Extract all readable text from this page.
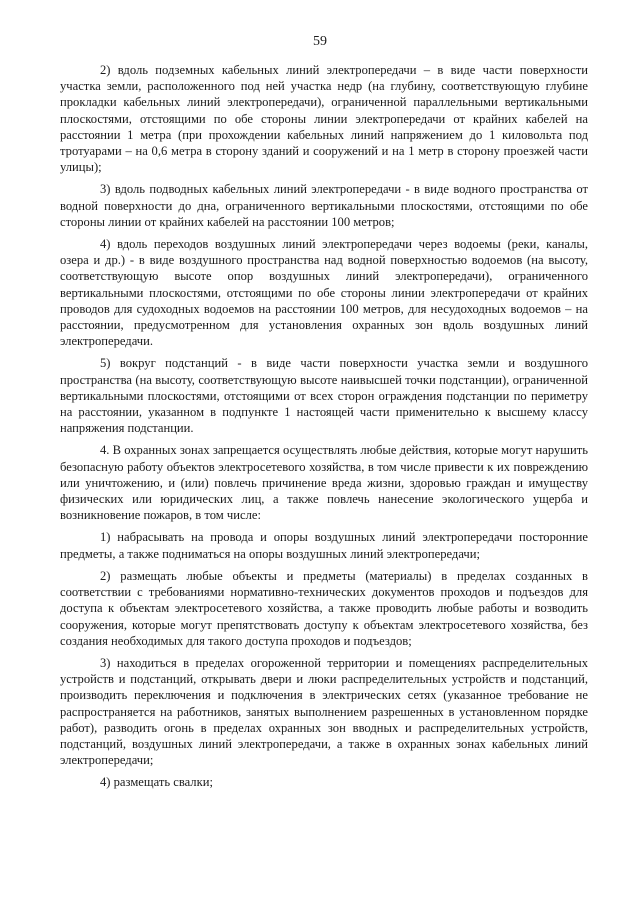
59

2) вдоль подземных кабельных линий электропередачи – в виде части поверхности участка земли, расположенного под ней участка недр (на глубину, соответствующую глубине прокладки кабельных линий электропередачи), ограниченной параллельными вертикальными плоскостями, отстоящими по обе стороны линии электропередачи от крайних кабелей на расстоянии 1 метра (при прохождении кабельных линий напряжением до 1 киловольта под тротуарами – на 0,6 метра в сторону зданий и сооружений и на 1 метр в сторону проезжей части улицы);

3) вдоль подводных кабельных линий электропередачи - в виде водного пространства от водной поверхности до дна, ограниченного вертикальными плоскостями, отстоящими по обе стороны линии от крайних кабелей на расстоянии 100 метров;

4) вдоль переходов воздушных линий электропередачи через водоемы (реки, каналы, озера и др.) - в виде воздушного пространства над водной поверхностью водоемов (на высоту, соответствующую высоте опор воздушных линий электропередачи), ограниченного вертикальными плоскостями, отстоящими по обе стороны линии электропередачи от крайних проводов для судоходных водоемов на расстоянии 100 метров, для несудоходных водоемов – на расстоянии, предусмотренном для установления охранных зон вдоль воздушных линий электропередачи.

5) вокруг подстанций - в виде части поверхности участка земли и воздушного пространства (на высоту, соответствующую высоте наивысшей точки подстанции), ограниченной вертикальными плоскостями, отстоящими от всех сторон ограждения подстанции по периметру на расстоянии, указанном в подпункте 1 настоящей части применительно к высшему классу напряжения подстанции.

4. В охранных зонах запрещается осуществлять любые действия, которые могут нарушить безопасную работу объектов электросетевого хозяйства, в том числе привести к их повреждению или уничтожению, и (или) повлечь причинение вреда жизни, здоровью граждан и имуществу физических или юридических лиц, а также повлечь нанесение экологического ущерба и возникновение пожаров, в том числе:

1) набрасывать на провода и опоры воздушных линий электропередачи посторонние предметы, а также подниматься на опоры воздушных линий электропередачи;

2) размещать любые объекты и предметы (материалы) в пределах созданных в соответствии с требованиями нормативно-технических документов проходов и подъездов для доступа к объектам электросетевого хозяйства, а также проводить любые работы и возводить сооружения, которые могут препятствовать доступу к объектам электросетевого хозяйства, без создания необходимых для такого доступа проходов и подъездов;

3) находиться в пределах огороженной территории и помещениях распределительных устройств и подстанций, открывать двери и люки распределительных устройств и подстанций, производить переключения и подключения в электрических сетях (указанное требование не распространяется на работников, занятых выполнением разрешенных в установленном порядке работ), разводить огонь в пределах охранных зон вводных и распределительных устройств, подстанций, воздушных линий электропередачи, а также в охранных зонах кабельных линий электропередачи;

4) размещать свалки;
